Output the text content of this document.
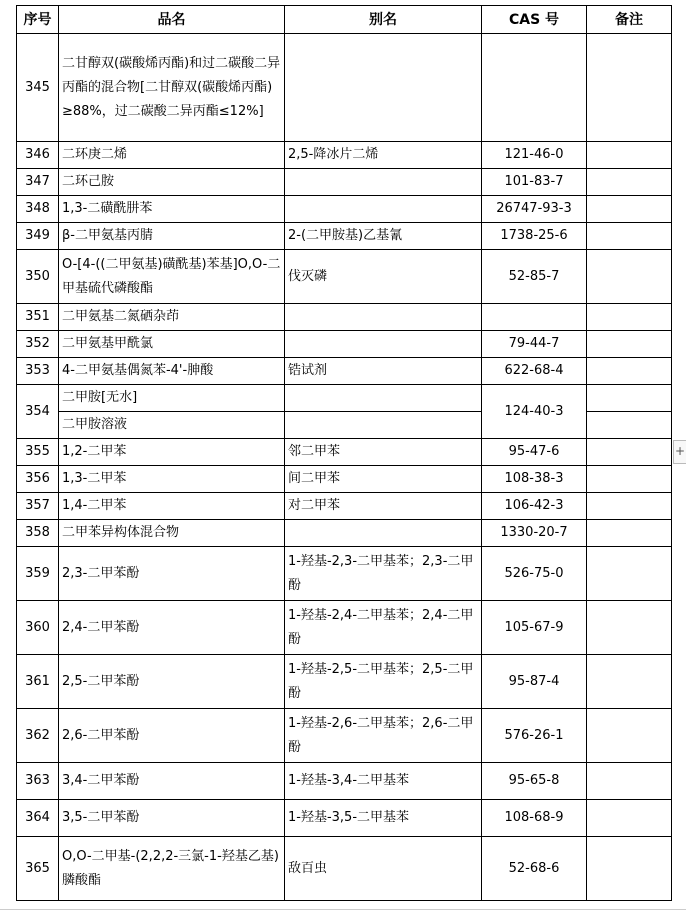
序号	品名	别名	CAS 号	备注
345	二甘醇双(碳酸烯丙酯)和过二碳酸二异丙酯的混合物[二甘醇双(碳酸烯丙酯)≥88%，过二碳酸二异丙酯≤12%]			
346	二环庚二烯	2,5-降冰片二烯	121-46-0	
347	二环己胺		101-83-7	
348	1,3-二磺酰肼苯		26747-93-3	
349	β-二甲氨基丙腈	2-(二甲胺基)乙基氰	1738-25-6	
350	O-[4-((二甲氨基)磺酰基)苯基]O,O-二甲基硫代磷酸酯	伐灭磷	52-85-7	
351	二甲氨基二氮硒杂茚			
352	二甲氨基甲酰氯		79-44-7	
353	4-二甲氨基偶氮苯-4'-胂酸	锆试剂	622-68-4	
354	二甲胺[无水]		124-40-3	
	二甲胺溶液			
355	1,2-二甲苯	邻二甲苯	95-47-6	
356	1,3-二甲苯	间二甲苯	108-38-3	
357	1,4-二甲苯	对二甲苯	106-42-3	
358	二甲苯异构体混合物		1330-20-7	
359	2,3-二甲苯酚	1-羟基-2,3-二甲基苯；2,3-二甲酚	526-75-0	
360	2,4-二甲苯酚	1-羟基-2,4-二甲基苯；2,4-二甲酚	105-67-9	
361	2,5-二甲苯酚	1-羟基-2,5-二甲基苯；2,5-二甲酚	95-87-4	
362	2,6-二甲苯酚	1-羟基-2,6-二甲基苯；2,6-二甲酚	576-26-1	
363	3,4-二甲苯酚	1-羟基-3,4-二甲基苯	95-65-8	
364	3,5-二甲苯酚	1-羟基-3,5-二甲基苯	108-68-9	
365	O,O-二甲基-(2,2,2-三氯-1-羟基乙基)膦酸酯	敌百虫	52-68-6	
+
